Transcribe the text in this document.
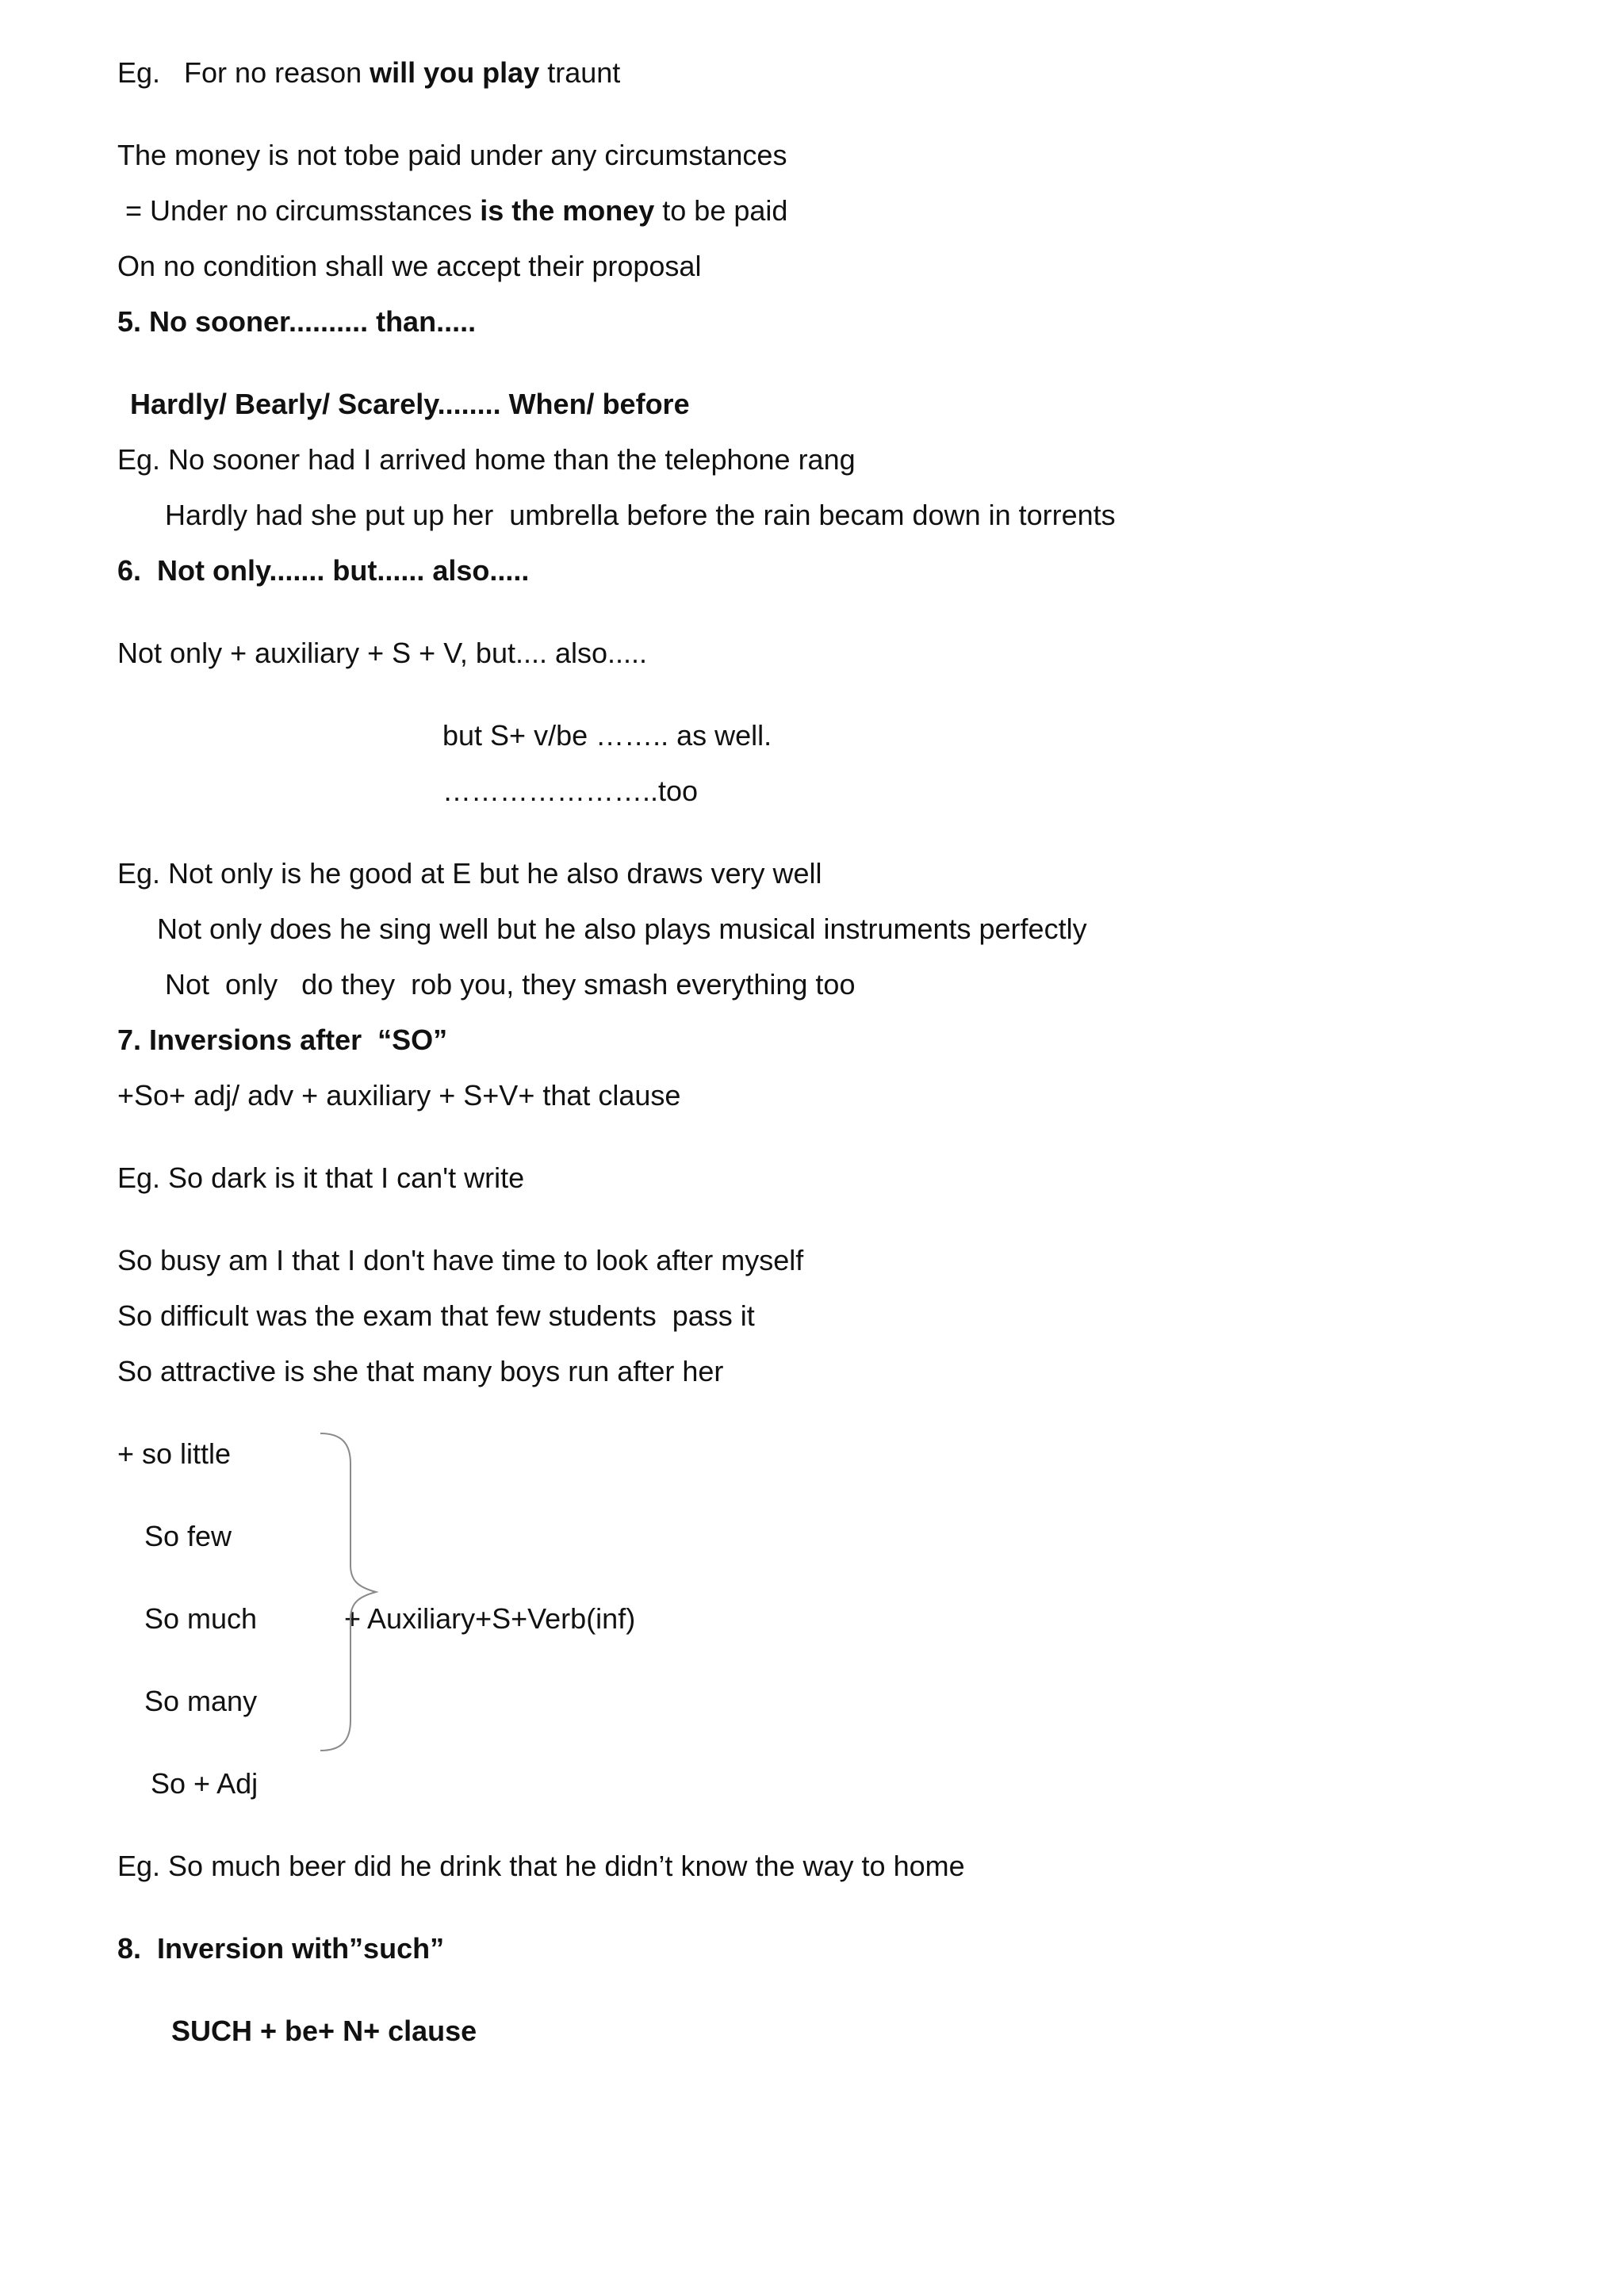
Eg.   For no reason will you play traunt

The money is not tobe paid under any circumstances

= Under no circumsstances is the money to be paid

On no condition shall we accept their proposal

5. No sooner.......... than.....

Hardly/ Bearly/ Scarely........ When/ before

Eg. No sooner had I arrived home than the telephone rang

Hardly had she put up her  umbrella before the rain becam down in torrents

6.  Not only....... but...... also.....

Not only + auxiliary + S + V, but.... also.....

but S+ v/be …….. as well.

…………………..too

Eg. Not only is he good at E but he also draws very well

Not only does he sing well but he also plays musical instruments perfectly

Not  only   do they  rob you, they smash everything too

7. Inversions after  “SO”

+So+ adj/ adv + auxiliary + S+V+ that clause

Eg. So dark is it that I can't write

So busy am I that I don't have time to look after myself

So difficult was the exam that few students  pass it

So attractive is she that many boys run after her

+ so little

So few

So much	+ Auxiliary+S+Verb(inf)

So many

So + Adj

Eg. So much beer did he drink that he didn’t know the way to home

8.  Inversion with”such”

SUCH + be+ N+ clause
